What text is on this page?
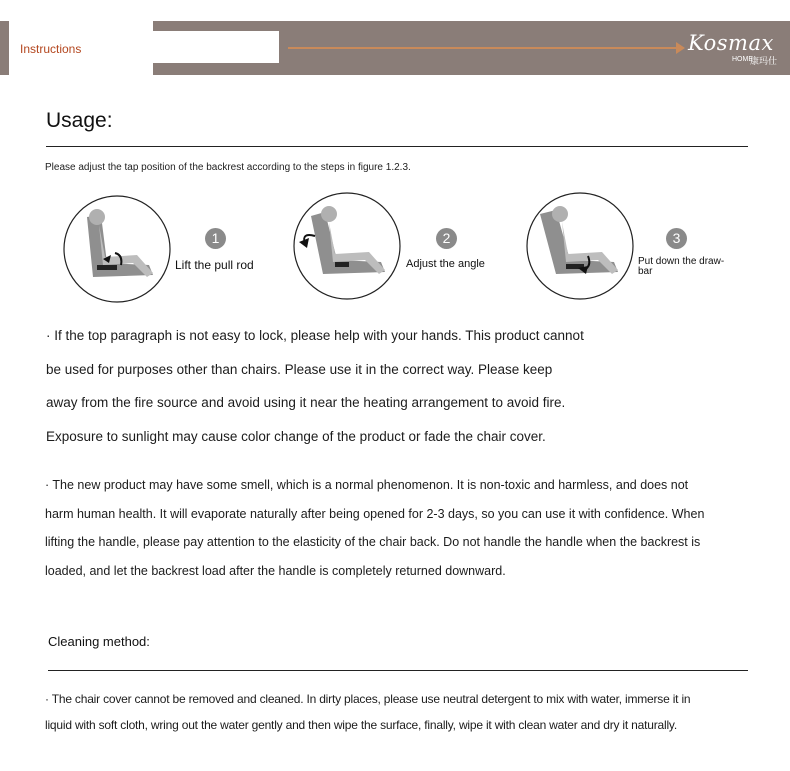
Instructions	Kosmax
HOME
康玛仕
Usage:
Please adjust the tap position of the backrest according to the steps in figure 1.2.3.
1
Lift the pull rod
2
Adjust the angle
3
Put down the draw-bar
· If the top paragraph is not easy to lock, please help with your hands. This product cannot
be used for purposes other than chairs. Please use it in the correct way. Please keep
away from the fire source and avoid using it near the heating arrangement to avoid fire.
Exposure to sunlight may cause color change of the product or fade the chair cover.
· The new product may have some smell, which is a normal phenomenon. It is non-toxic and harmless, and does not
harm human health. It will evaporate naturally after being opened for 2-3 days, so you can use it with confidence. When
lifting the handle, please pay attention to the elasticity of the chair back. Do not handle the handle when the backrest is
loaded, and let the backrest load after the handle is completely returned downward.
Cleaning method:
· The chair cover cannot be removed and cleaned. In dirty places, please use neutral detergent to mix with water, immerse it in
liquid with soft cloth, wring out the water gently and then wipe the surface, finally, wipe it with clean water and dry it naturally.
